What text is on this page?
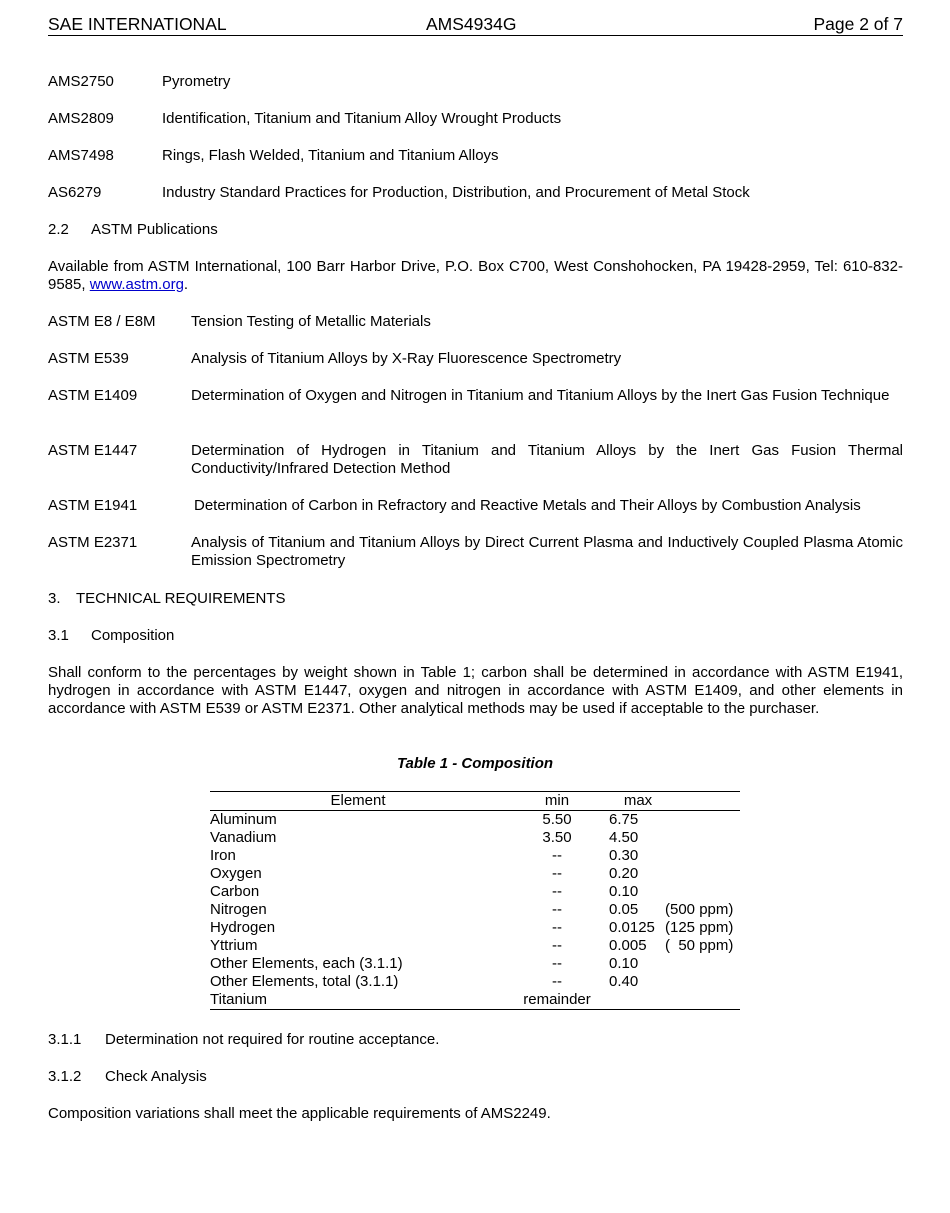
SAE INTERNATIONAL	AMS4934G	Page 2 of 7
AMS2750	Pyrometry
AMS2809	Identification, Titanium and Titanium Alloy Wrought Products
AMS7498	Rings, Flash Welded, Titanium and Titanium Alloys
AS6279	Industry Standard Practices for Production, Distribution, and Procurement of Metal Stock
2.2 ASTM Publications
Available from ASTM International, 100 Barr Harbor Drive, P.O. Box C700, West Conshohocken, PA 19428-2959, Tel: 610-832-9585, www.astm.org.
ASTM E8 / E8M Tension Testing of Metallic Materials
ASTM E539	Analysis of Titanium Alloys by X-Ray Fluorescence Spectrometry
ASTM E1409	Determination of Oxygen and Nitrogen in Titanium and Titanium Alloys by the Inert Gas Fusion Technique
ASTM E1447	Determination of Hydrogen in Titanium and Titanium Alloys by the Inert Gas Fusion Thermal Conductivity/Infrared Detection Method
ASTM E1941	Determination of Carbon in Refractory and Reactive Metals and Their Alloys by Combustion Analysis
ASTM E2371	Analysis of Titanium and Titanium Alloys by Direct Current Plasma and Inductively Coupled Plasma Atomic Emission Spectrometry
3. TECHNICAL REQUIREMENTS
3.1 Composition
Shall conform to the percentages by weight shown in Table 1; carbon shall be determined in accordance with ASTM E1941, hydrogen in accordance with ASTM E1447, oxygen and nitrogen in accordance with ASTM E1409, and other elements in accordance with ASTM E539 or ASTM E2371. Other analytical methods may be used if acceptable to the purchaser.
Table 1 - Composition
Element	min	max
Aluminum	5.50	6.75
Vanadium	3.50	4.50
Iron	--	0.30
Oxygen	--	0.20
Carbon	--	0.10
Nitrogen	--	0.05 (500 ppm)
Hydrogen	--	0.0125 (125 ppm)
Yttrium	--	0.005 (  50 ppm)
Other Elements, each (3.1.1)	--	0.10
Other Elements, total (3.1.1)	--	0.40
Titanium	remainder
3.1.1 Determination not required for routine acceptance.
3.1.2 Check Analysis
Composition variations shall meet the applicable requirements of AMS2249.
